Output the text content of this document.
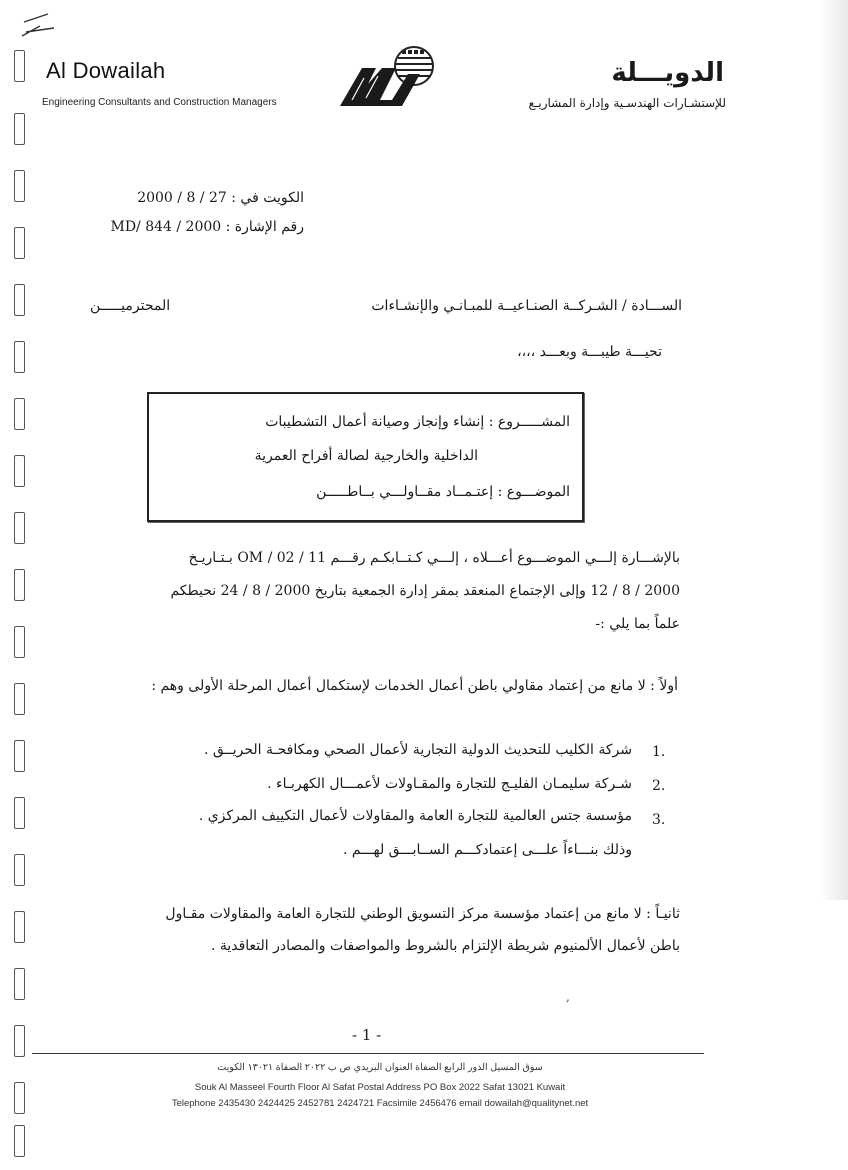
Al Dowailah
Engineering Consultants and Construction Managers
الدويـــلة
للإستشـارات الهندسـية وإدارة المشاريـع
الكويت في : 2000 / 8 / 27
رقم الإشارة : MD/ 844 / 2000
الســـادة / الشـركــة الصنـاعيــة للمبـانـي والإنشـاءات
المحترميـــــن
تحيـــة طيبـــة وبعـــد ،،،،
المشـــــروع : إنشاء وإنجاز وصيانة أعمال التشطيبات
الداخلية والخارجية لصالة أفراح العمرية
الموضـــوع : إعتـمــاد مقــاولـــي بــاطـــــن
بالإشـــارة إلـــي الموضـــوع أعـــلاه ، إلـــي كـتــابكـم رقـــم OM / 02 / 11 بـتـاريـخ
2000 / 8 / 12 وإلى الإجتماع المنعقد بمقر إدارة الجمعية بتاريخ 2000 / 8 / 24 نحيطكم
علماً بما يلي :-
أولاً : لا مانع من إعتماد مقاولي باطن أعمال الخدمات لإستكمال أعمال المرحلة الأولى وهم :
1.
شركة الكليب للتحديث الدولية التجارية لأعمال الصحي ومكافحـة الحريــق .
2.
شـركة سليمـان الفليـج للتجارة والمقـاولات لأعمـــال الكهربـاء .
3.
مؤسسة جتس العالمية للتجارة العامة والمقاولات لأعمال التكييف المركزي .
وذلك بنـــاءاً علـــى إعتمادكـــم الســابـــق لهـــم .
ثانيـاً : لا مانع من إعتماد مؤسسة مركز التسويق الوطني للتجارة العامة والمقاولات مقـاول
باطن لأعمال الألمنيوم شريطة الإلتزام بالشروط والمواصفات والمصادر التعاقدية .
,
- 1 -
سوق المسيل الدور الرابع الصفاة العنوان البريدي ص ب ٢٠٢٢ الصفاة ١٣٠٢١ الكويت
Souk Al Masseel Fourth Floor Al Safat Postal Address PO Box 2022 Safat 13021 Kuwait
Telephone 2435430 2424425 2452781 2424721 Facsimile 2456476 email dowailah@qualitynet.net
